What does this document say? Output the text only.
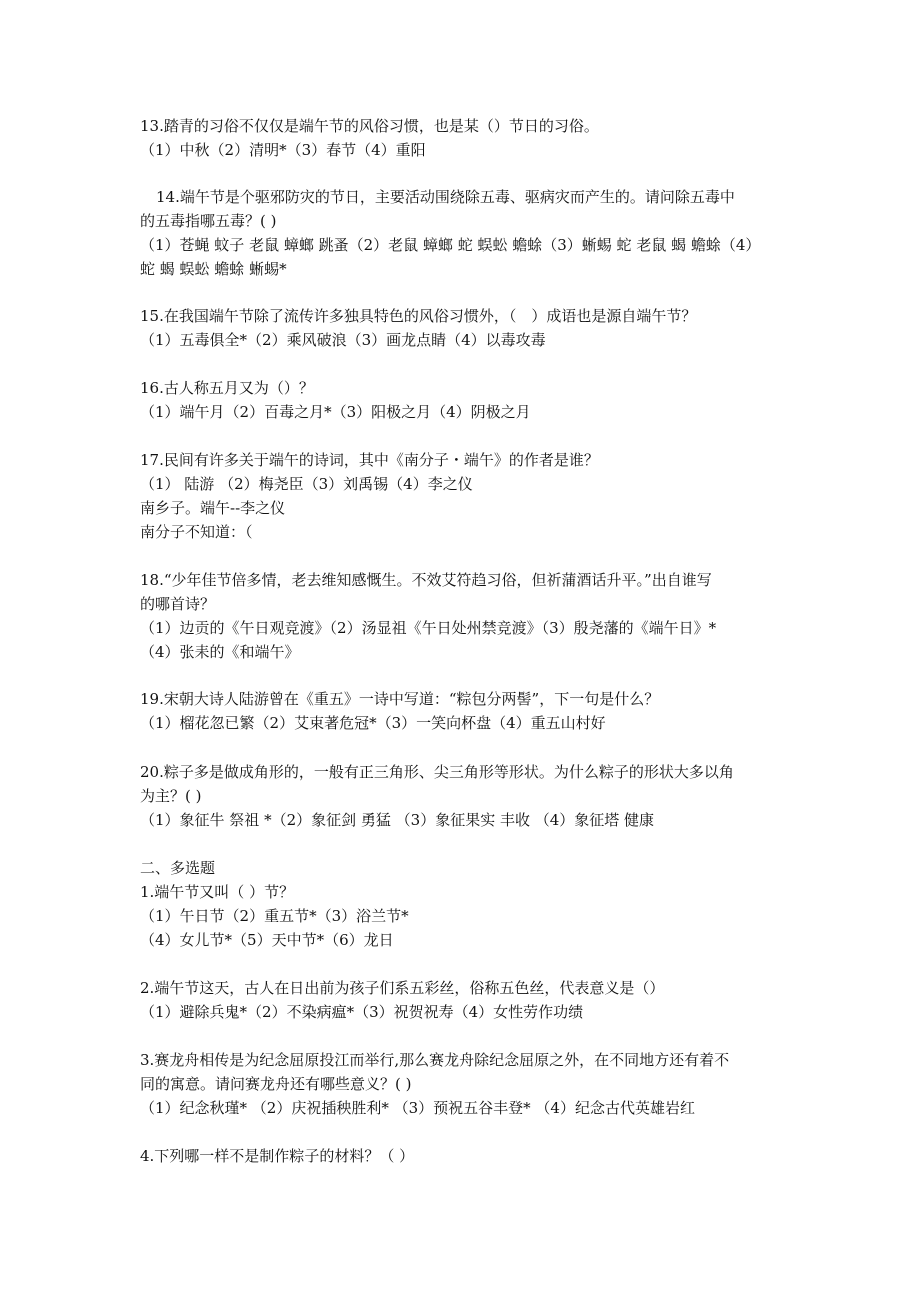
13.踏青的习俗不仅仅是端午节的风俗习惯，也是某（）节日的习俗。
（1）中秋（2）清明*（3）春节（4）重阳
14.端午节是个驱邪防灾的节日，主要活动围绕除五毒、驱病灾而产生的。请问除五毒中
的五毒指哪五毒？( )
（1）苍蝇 蚊子 老鼠 蟑螂 跳蚤（2）老鼠 蟑螂 蛇 蜈蚣 蟾蜍（3）蜥蜴 蛇 老鼠 蝎 蟾蜍（4）
蛇 蝎 蜈蚣 蟾蜍 蜥蜴*
15.在我国端午节除了流传许多独具特色的风俗习惯外，（　）成语也是源自端午节？
（1）五毒俱全*（2）乘风破浪（3）画龙点睛（4）以毒攻毒
16.古人称五月又为（）？
（1）端午月（2）百毒之月*（3）阳极之月（4）阴极之月
17.民间有许多关于端午的诗词，其中《南分子・端午》的作者是谁？
（1） 陆游 （2）梅尧臣（3）刘禹锡（4）李之仪
南乡子。端午--李之仪
南分子不知道：（
18.“少年佳节倍多情，老去维知感慨生。不效艾符趋习俗，但祈蒲酒话升平。”出自谁写
的哪首诗？
（1）边贡的《午日观竞渡》（2）汤显祖《午日处州禁竞渡》（3）殷尧藩的《端午日》*
（4）张耒的《和端午》
19.宋朝大诗人陆游曾在《重五》一诗中写道：“粽包分两髻”，下一句是什么？
（1）榴花忽已繁（2）艾束著危冠*（3）一笑向杯盘（4）重五山村好
20.粽子多是做成角形的，一般有正三角形、尖三角形等形状。为什么粽子的形状大多以角
为主？( )
（1）象征牛 祭祖 *（2）象征剑 勇猛 （3）象征果实 丰收 （4）象征塔 健康
二、多选题
1.端午节又叫（ ）节？
（1）午日节（2）重五节*（3）浴兰节*
（4）女儿节*（5）天中节*（6）龙日
2.端午节这天，古人在日出前为孩子们系五彩丝，俗称五色丝，代表意义是（）
（1）避除兵鬼*（2）不染病瘟*（3）祝贺祝寿（4）女性劳作功绩
3.赛龙舟相传是为纪念屈原投江而举行,那么赛龙舟除纪念屈原之外，在不同地方还有着不
同的寓意。请问赛龙舟还有哪些意义？( )
（1）纪念秋瑾* （2）庆祝插秧胜利* （3）预祝五谷丰登* （4）纪念古代英雄岩红
4.下列哪一样不是制作粽子的材料？（ ）
